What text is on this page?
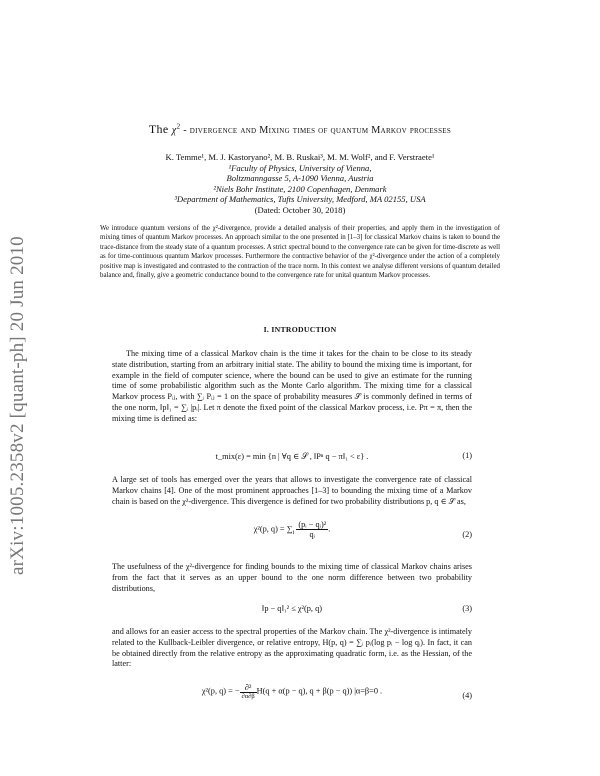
arXiv:1005.2358v2 [quant-ph] 20 Jun 2010
The $\chi^2$ - divergence and Mixing times of quantum Markov processes
K. Temme¹, M. J. Kastoryano², M. B. Ruskai³, M. M. Wolf², and F. Verstraete¹
¹Faculty of Physics, University of Vienna,
Boltzmanngasse 5, A-1090 Vienna, Austria
²Niels Bohr Institute, 2100 Copenhagen, Denmark
³Department of Mathematics, Tufts University, Medford, MA 02155, USA
(Dated: October 30, 2018)
We introduce quantum versions of the χ²-divergence, provide a detailed analysis of their properties, and apply them in the investigation of mixing times of quantum Markov processes. An approach similar to the one presented in [1–3] for classical Markov chains is taken to bound the trace-distance from the steady state of a quantum processes. A strict spectral bound to the convergence rate can be given for time-discrete as well as for time-continuous quantum Markov processes. Furthermore the contractive behavior of the χ²-divergence under the action of a completely positive map is investigated and contrasted to the contraction of the trace norm. In this context we analyse different versions of quantum detailed balance and, finally, give a geometric conductance bound to the convergence rate for unital quantum Markov processes.
I. INTRODUCTION
The mixing time of a classical Markov chain is the time it takes for the chain to be close to its steady state distribution, starting from an arbitrary initial state. The ability to bound the mixing time is important, for example in the field of computer science, where the bound can be used to give an estimate for the running time of some probabilistic algorithm such as the Monte Carlo algorithm. The mixing time for a classical Markov process Pᵢⱼ, with ∑ᵢ Pᵢⱼ = 1 on the space of probability measures 𝒮 is commonly defined in terms of the one norm, ‖p‖₁ = ∑ᵢ |pᵢ|. Let π denote the fixed point of the classical Markov process, i.e. Pπ = π, then the mixing time is defined as:
t_mix(ε) = min {n | ∀q ∈ 𝒮 , ‖Pⁿ q − π‖₁ < ε} .	(1)
A large set of tools has emerged over the years that allows to investigate the convergence rate of classical Markov chains [4]. One of the most prominent approaches [1–3] to bounding the mixing time of a Markov chain is based on the χ²-divergence. This divergence is defined for two probability distributions p, q ∈ 𝒮 as,
χ²(p, $q) = \sum_i \frac{\text{(pᵢ − qᵢ)²}}{\text{qᵢ}}$ .
(2)
The usefulness of the χ²-divergence for finding bounds to the mixing time of classical Markov chains arises from the fact that it serves as an upper bound to the one norm difference between two probability distributions,
‖p − q‖₁² ≤ χ²(p, q)	(3)
and allows for an easier access to the spectral properties of the Markov chain. The χ²-divergence is intimately related to the Kullback-Leibler divergence, or relative entropy, H(p, q) = ∑ᵢ pᵢ(log pᵢ − log qᵢ). In fact, it can be obtained directly from the relative entropy as the approximating quadratic form, i.e. as the Hessian, of the latter:
χ²(p, q) = − $\frac{\text{∂²}}{\partial\alpha\partial\beta} H(q + \alpha(p - q)$, q + β(p − q)) |α=β=0 .
(4)
